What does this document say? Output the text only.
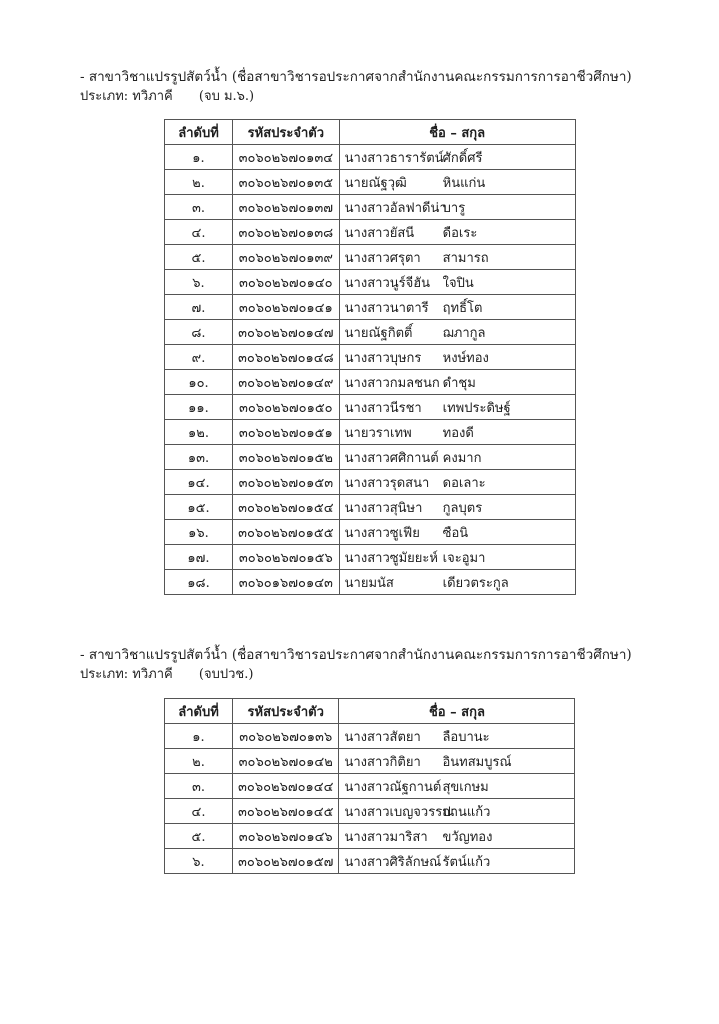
- สาขาวิชาแปรรูปสัตว์น้ำ (ชื่อสาขาวิชารอประกาศจากสำนักงานคณะกรรมการการอาชีวศึกษา)
ประเภท: ทวิภาคี (จบ ม.๖.)
ลำดับที่	รหัสประจำตัว	ชื่อ – สกุล
๑.	๓๐๖๐๒๖๗๐๑๓๔	นางสาวธารารัตน์ศักดิ์ศรี
๒.	๓๐๖๐๒๖๗๐๑๓๕	นายณัฐวุฒิ หินแก่น
๓.	๓๐๖๐๒๖๗๐๑๓๗	นางสาวอัลฟาดีน่าบารู
๔.	๓๐๖๐๒๖๗๐๑๓๘	นางสาวยัสนี ดือเระ
๕.	๓๐๖๐๒๖๗๐๑๓๙	นางสาวศรุตา สามารถ
๖.	๓๐๖๐๒๖๗๐๑๔๐	นางสาวนูร์จีฮัน ใจปิน
๗.	๓๐๖๐๒๖๗๐๑๔๑	นางสาวนาตารี ฤทธิ์โต
๘.	๓๐๖๐๒๖๗๐๑๔๗	นายณัฐกิตติ์ ฌภากูล
๙.	๓๐๖๐๒๖๗๐๑๔๘	นางสาวบุษกร หงษ์ทอง
๑๐.	๓๐๖๐๒๖๗๐๑๔๙	นางสาวกมลชนก ดำชุม
๑๑.	๓๐๖๐๒๖๗๐๑๕๐	นางสาวนีรชา เทพประดิษฐ์
๑๒.	๓๐๖๐๒๖๗๐๑๕๑	นายวราเทพ ทองดี
๑๓.	๓๐๖๐๒๖๗๐๑๕๒	นางสาวศศิกานต์ คงมาก
๑๔.	๓๐๖๐๒๖๗๐๑๕๓	นางสาวรุดสนา ดอเลาะ
๑๕.	๓๐๖๐๒๖๗๐๑๕๔	นางสาวสุนิษา กูลบุตร
๑๖.	๓๐๖๐๒๖๗๐๑๕๕	นางสาวซูเฟีย ซือนิ
๑๗.	๓๐๖๐๒๖๗๐๑๕๖	นางสาวซูมัยยะห์ เจะอูมา
๑๘.	๓๐๖๐๑๖๗๐๑๔๓	นายมนัส เดียวตระกูล
- สาขาวิชาแปรรูปสัตว์น้ำ (ชื่อสาขาวิชารอประกาศจากสำนักงานคณะกรรมการการอาชีวศึกษา)
ประเภท: ทวิภาคี (จบปวช.)
ลำดับที่	รหัสประจำตัว	ชื่อ – สกุล
๑.	๓๐๖๐๒๖๗๐๑๓๖	นางสาวสัตยา ลือบานะ
๒.	๓๐๖๐๒๖๗๐๑๔๒	นางสาวกิติยา อินทสมบูรณ์
๓.	๓๐๖๐๒๖๗๐๑๔๔	นางสาวณัฐกานต์สุขเกษม
๔.	๓๐๖๐๒๖๗๐๑๔๕	นางสาวเบญจวรรณปานแก้ว
๕.	๓๐๖๐๒๖๗๐๑๔๖	นางสาวมาริสา ขวัญทอง
๖.	๓๐๖๐๒๖๗๐๑๕๗	นางสาวศิริลักษณ์รัตน์แก้ว
